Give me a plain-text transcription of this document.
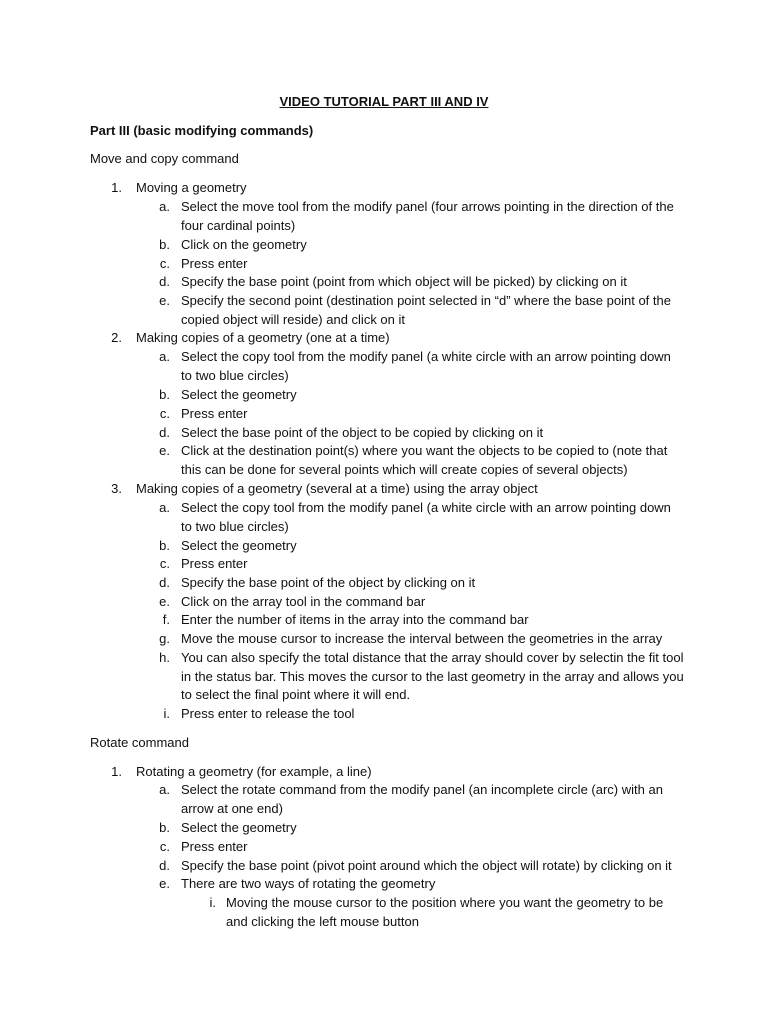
VIDEO TUTORIAL PART III AND IV
Part III (basic modifying commands)
Move and copy command
1. Moving a geometry
a. Select the move tool from the modify panel (four arrows pointing in the direction of the
four cardinal points)
b. Click on the geometry
c. Press enter
d. Specify the base point (point from which object will be picked) by clicking on it
e. Specify the second point (destination point selected in “d” where the base point of the
copied object will reside) and click on it
2. Making copies of a geometry (one at a time)
a. Select the copy tool from the modify panel (a white circle with an arrow pointing down
to two blue circles)
b. Select the geometry
c. Press enter
d. Select the base point of the object to be copied by clicking on it
e. Click at the destination point(s) where you want the objects to be copied to (note that
this can be done for several points which will create copies of several objects)
3. Making copies of a geometry (several at a time) using the array object
a. Select the copy tool from the modify panel (a white circle with an arrow pointing down
to two blue circles)
b. Select the geometry
c. Press enter
d. Specify the base point of the object by clicking on it
e. Click on the array tool in the command bar
f. Enter the number of items in the array into the command bar
g. Move the mouse cursor to increase the interval between the geometries in the array
h. You can also specify the total distance that the array should cover by selectin the fit tool
in the status bar. This moves the cursor to the last geometry in the array and allows you
to select the final point where it will end.
i. Press enter to release the tool
Rotate command
1. Rotating a geometry (for example, a line)
a. Select the rotate command from the modify panel (an incomplete circle (arc) with an
arrow at one end)
b. Select the geometry
c. Press enter
d. Specify the base point (pivot point around which the object will rotate) by clicking on it
e. There are two ways of rotating the geometry
i. Moving the mouse cursor to the position where you want the geometry to be
and clicking the left mouse button
